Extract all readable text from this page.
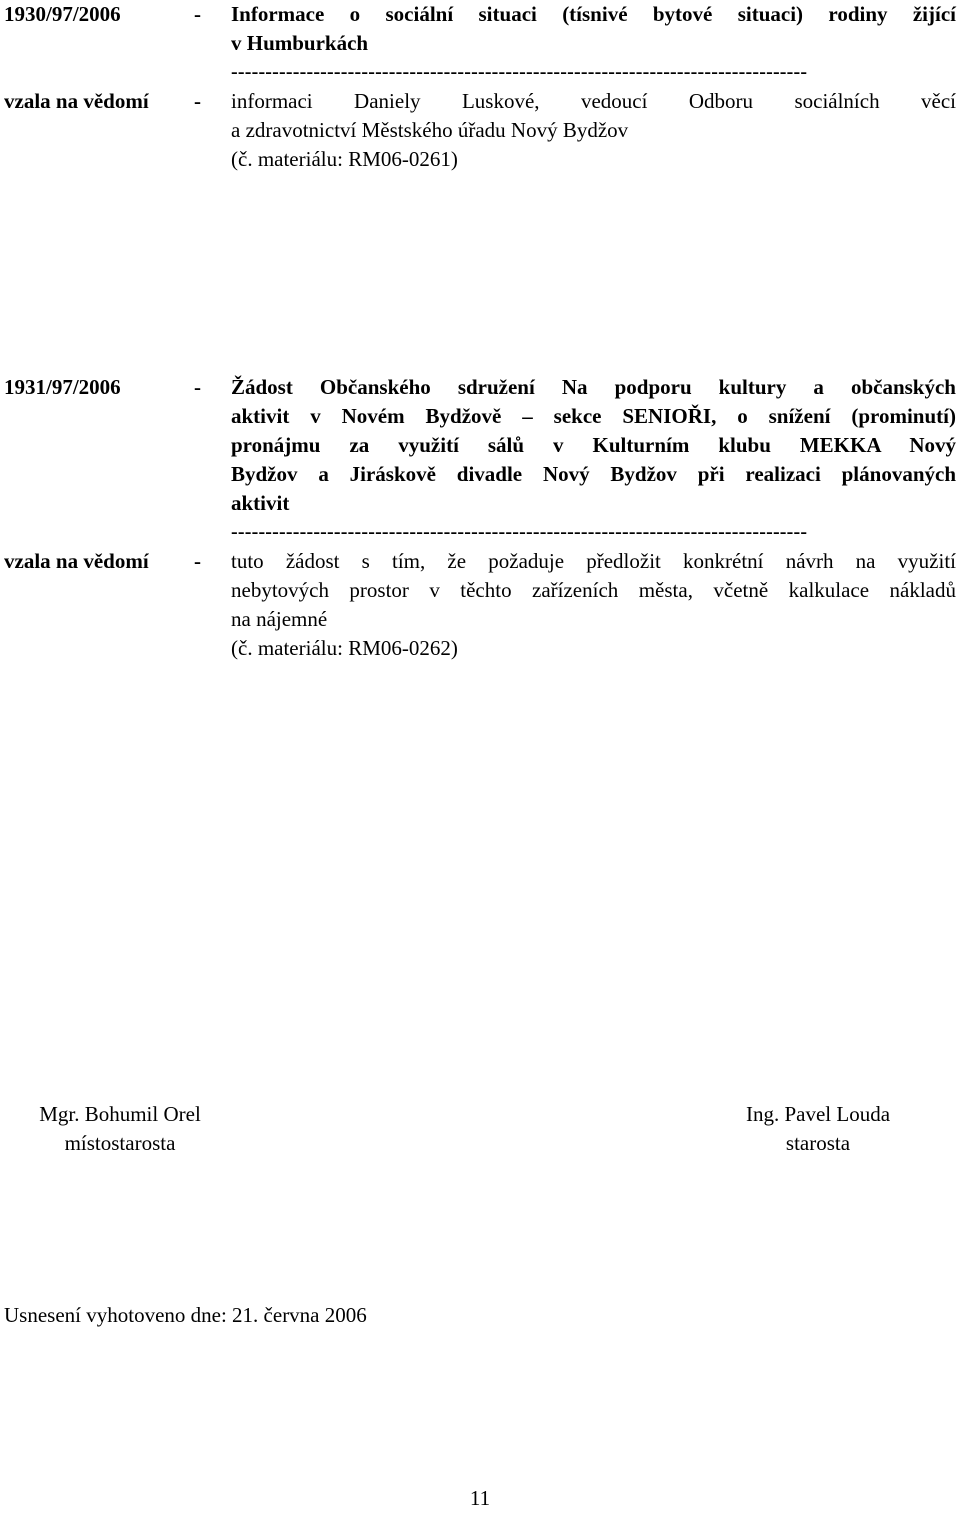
1930/97/2006	- Informace o sociální situaci (tísnivé bytové situaci) rodiny žijící
v Humburkách
------------------------------------------------------------------------------------
vzala na vědomí - informaci Daniely Luskové, vedoucí Odboru sociálních věcí
a zdravotnictví Městského úřadu Nový Bydžov
(č. materiálu: RM06-0261)
1931/97/2006	- Žádost Občanského sdružení Na podporu kultury a občanských
aktivit v Novém Bydžově – sekce SENIOŘI, o snížení (prominutí)
pronájmu za využití sálů v Kulturním klubu MEKKA Nový
Bydžov a Jiráskově divadle Nový Bydžov při realizaci plánovaných
aktivit
------------------------------------------------------------------------------------
vzala na vědomí - tuto žádost s tím, že požaduje předložit konkrétní návrh na využití
nebytových prostor v těchto zařízeních města, včetně kalkulace nákladů
na nájemné
(č. materiálu: RM06-0262)
Mgr. Bohumil Orel
místostarosta
Ing. Pavel Louda
starosta
Usnesení vyhotoveno dne: 21. června 2006
11
